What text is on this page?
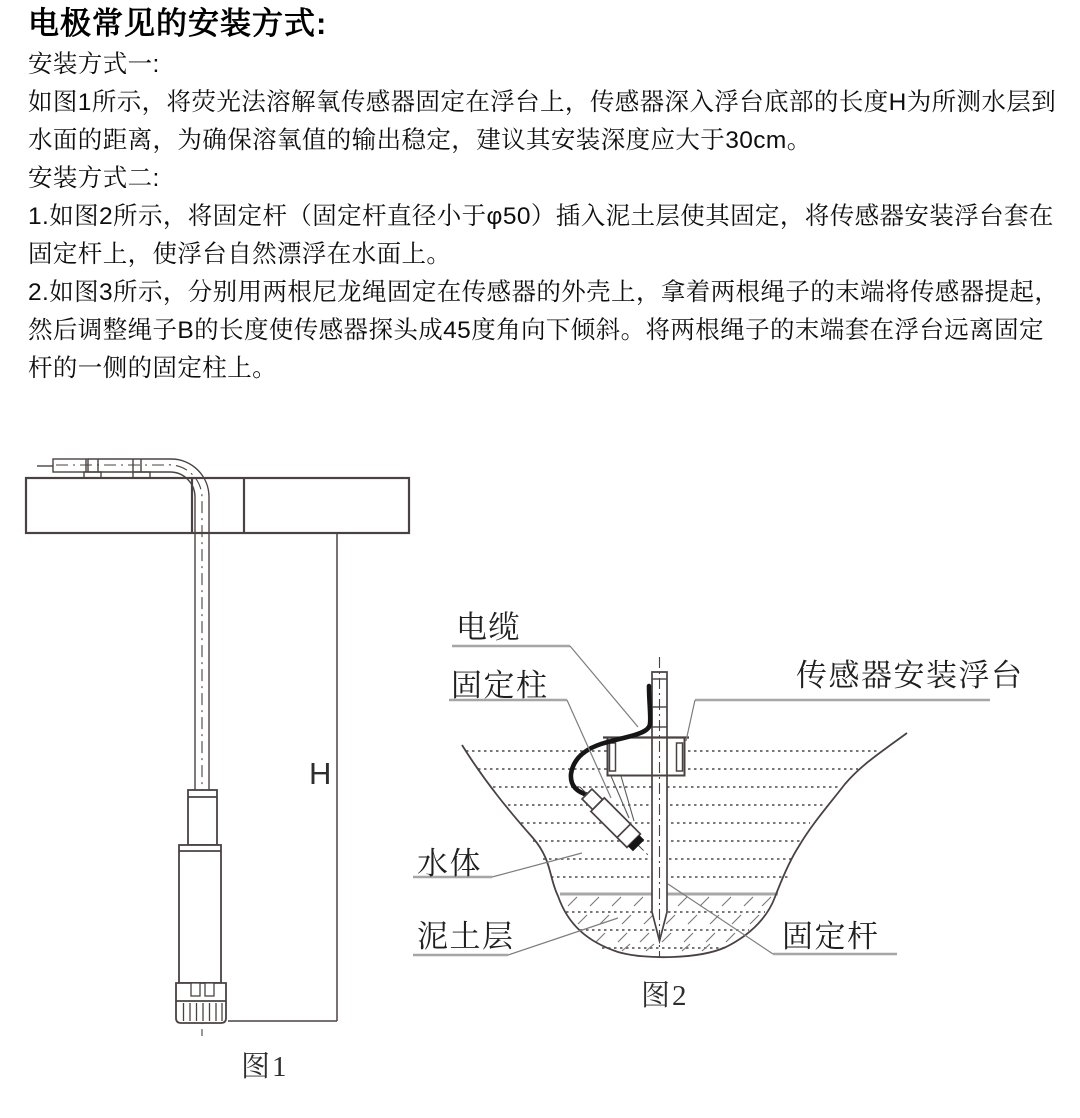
电极常见的安装方式:
安装方式一:
如图1所示，将荧光法溶解氧传感器固定在浮台上，传感器深入浮台底部的长度H为所测水层到
水面的距离，为确保溶氧值的输出稳定，建议其安装深度应大于30cm。
安装方式二:
1.如图2所示，将固定杆（固定杆直径小于φ50）插入泥土层使其固定，将传感器安装浮台套在
固定杆上，使浮台自然漂浮在水面上。
2.如图3所示，分别用两根尼龙绳固定在传感器的外壳上，拿着两根绳子的末端将传感器提起，
然后调整绳子B的长度使传感器探头成45度角向下倾斜。将两根绳子的末端套在浮台远离固定
杆的一侧的固定柱上。
H
图1
电缆
固定柱	传感器安装浮台
水体
泥土层	固定杆
图2
